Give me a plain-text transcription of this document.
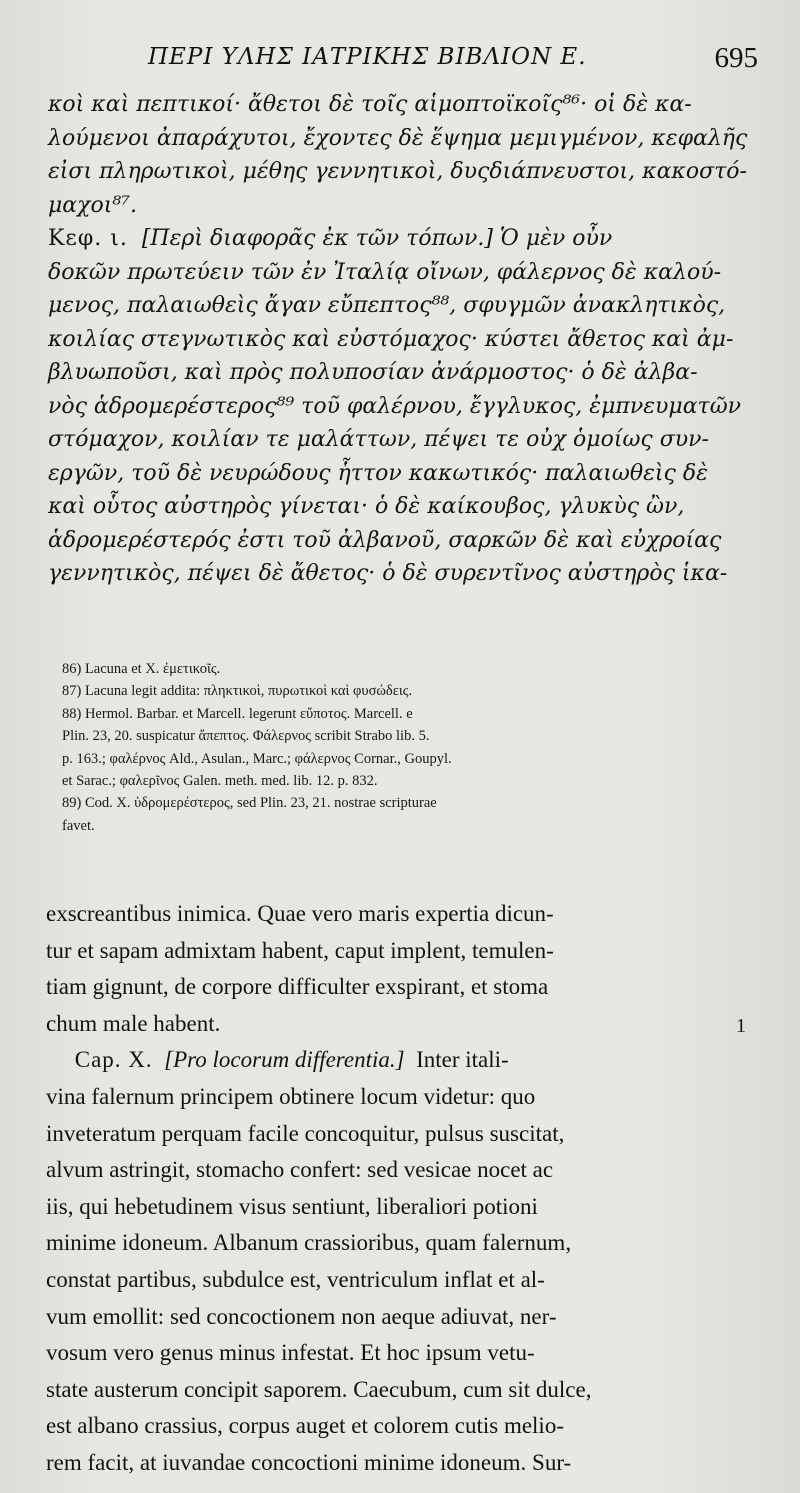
ΠΕΡΙ ΥΛΗΣ ΙΑΤΡΙΚΗΣ ΒΙΒΛΙΟΝ Ε.	695
κοὶ καὶ πεπτικοί· ἄθετοι δὲ τοῖς αἱμοπτοϊκοῖς⁸⁶· οἱ δὲ κα-
λούμενοι ἀπαράχυτοι, ἔχοντες δὲ ἕψημα μεμιγμένον, κεφαλῆς
εἰσι πληρωτικοὶ, μέθης γεννητικοὶ, δυςδιάπνευστοι, κακοστό-
μαχοι⁸⁷.
Κεφ. ι. [Περὶ διαφορᾶς ἐκ τῶν τόπων.] Ὁ μὲν οὖν
δοκῶν πρωτεύειν τῶν ἐν Ἰταλίᾳ οἴνων, φάλερνος δὲ καλού-
μενος, παλαιωθεὶς ἄγαν εὔπεπτος⁸⁸, σφυγμῶν ἀνακλητικὸς,
κοιλίας στεγνωτικὸς καὶ εὐστόμαχος· κύστει ἄθετος καὶ ἀμ-
βλυωποῦσι, καὶ πρὸς πολυποσίαν ἀνάρμοστος· ὁ δὲ ἀλβα-
νὸς ἁδρομερέστερος⁸⁹ τοῦ φαλέρνου, ἔγγλυκος, ἐμπνευματῶν
στόμαχον, κοιλίαν τε μαλάττων, πέψει τε οὐχ ὁμοίως συν-
εργῶν, τοῦ δὲ νευρώδους ἧττον κακωτικός· παλαιωθεὶς δὲ
καὶ οὗτος αὐστηρὸς γίνεται· ὁ δὲ καίκουβος, γλυκὺς ὢν,
ἁδρομερέστερός ἐστι τοῦ ἀλβανοῦ, σαρκῶν δὲ καὶ εὐχροίας
γεννητικὸς, πέψει δὲ ἄθετος· ὁ δὲ συρεντῖνος αὐστηρὸς ἱκα-
86) Lacuna et X. ἐμετικοῖς.
87) Lacuna legit addita: πληκτικοὶ, πυρωτικοὶ καὶ φυσώδεις.
88) Hermol. Barbar. et Marcell. legerunt εὔποτος. Marcell. e
Plin. 23, 20. suspicatur ἄπεπτος. Φάλερνος scribit Strabo lib. 5.
p. 163.; φαλέρνος Ald., Asulan., Marc.; φάλερνος Cornar., Goupyl.
et Sarac.; φαλερῖνος Galen. meth. med. lib. 12. p. 832.
89) Cod. X. ὑδρομερέστερος, sed Plin. 23, 21. nostrae scripturae
favet.
exscreantibus inimica. Quae vero maris expertia dicun-
tur et sapam admixtam habent, caput implent, temulen-
tiam gignunt, de corpore difficulter exspirant, et stoma
chum male habent.	1
Cap. X. [Pro locorum differentia.] Inter itali-
vina falernum principem obtinere locum videtur: quo
inveteratum perquam facile concoquitur, pulsus suscitat,
alvum astringit, stomacho confert: sed vesicae nocet ac
iis, qui hebetudinem visus sentiunt, liberaliori potioni
minime idoneum. Albanum crassioribus, quam falernum,
constat partibus, subdulce est, ventriculum inflat et al-
vum emollit: sed concoctionem non aeque adiuvat, ner-
vosum vero genus minus infestat. Et hoc ipsum vetu-
state austerum concipit saporem. Caecubum, cum sit dulce,
est albano crassius, corpus auget et colorem cutis melio-
rem facit, at iuvandae concoctioni minime idoneum. Sur-
